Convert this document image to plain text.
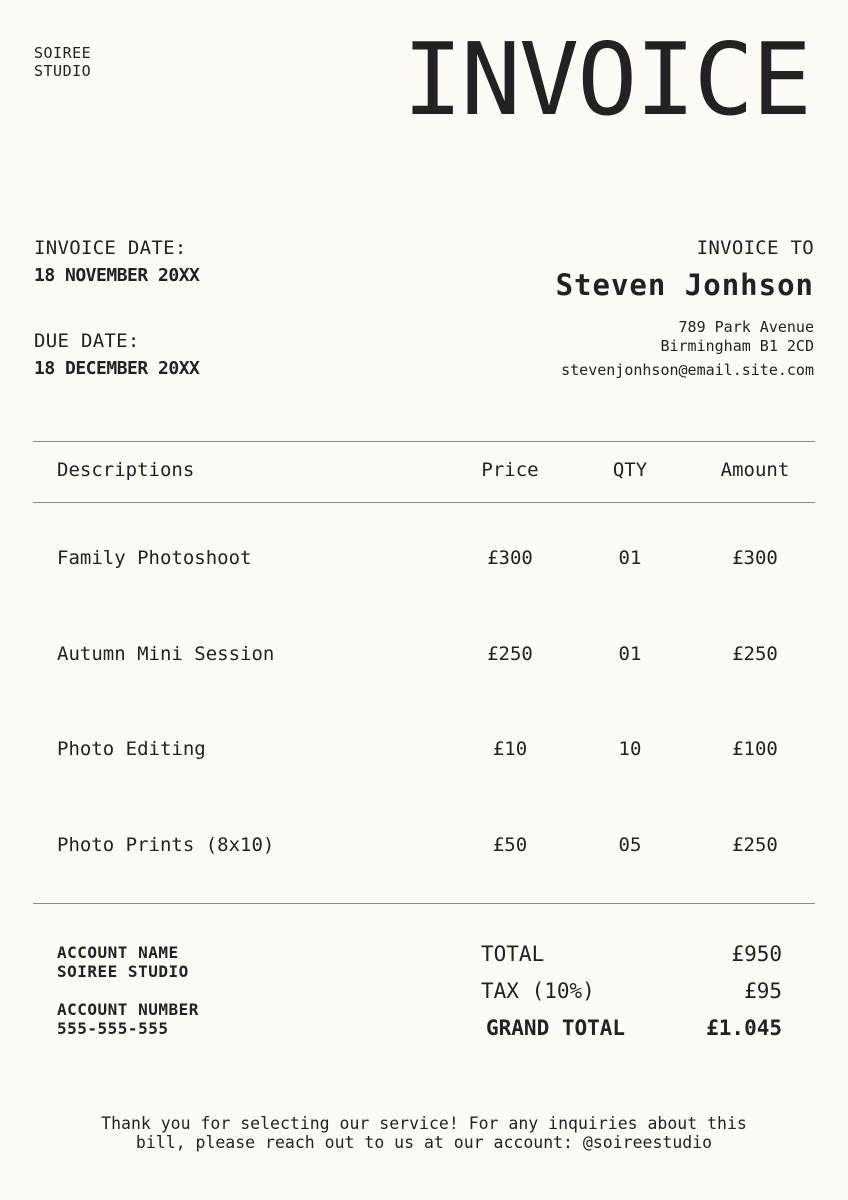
SOIREE
STUDIO	INVOICE
INVOICE DATE:
18 NOVEMBER 20XX
DUE DATE:
18 DECEMBER 20XX
INVOICE TO
Steven Jonhson
789 Park Avenue
Birmingham B1 2CD
stevenjonhson@email.site.com
Descriptions	Price	QTY	Amount
Family Photoshoot	£300	01	£300
Autumn Mini Session	£250	01	£250
Photo Editing	£10	10	£100
Photo Prints (8x10)	£50	05	£250
ACCOUNT NAME
SOIREE STUDIO
ACCOUNT NUMBER
555-555-555
TOTAL	£950
TAX (10%)	£95
GRAND TOTAL	£1.045
Thank you for selecting our service! For any inquiries about this
bill, please reach out to us at our account: @soireestudio
